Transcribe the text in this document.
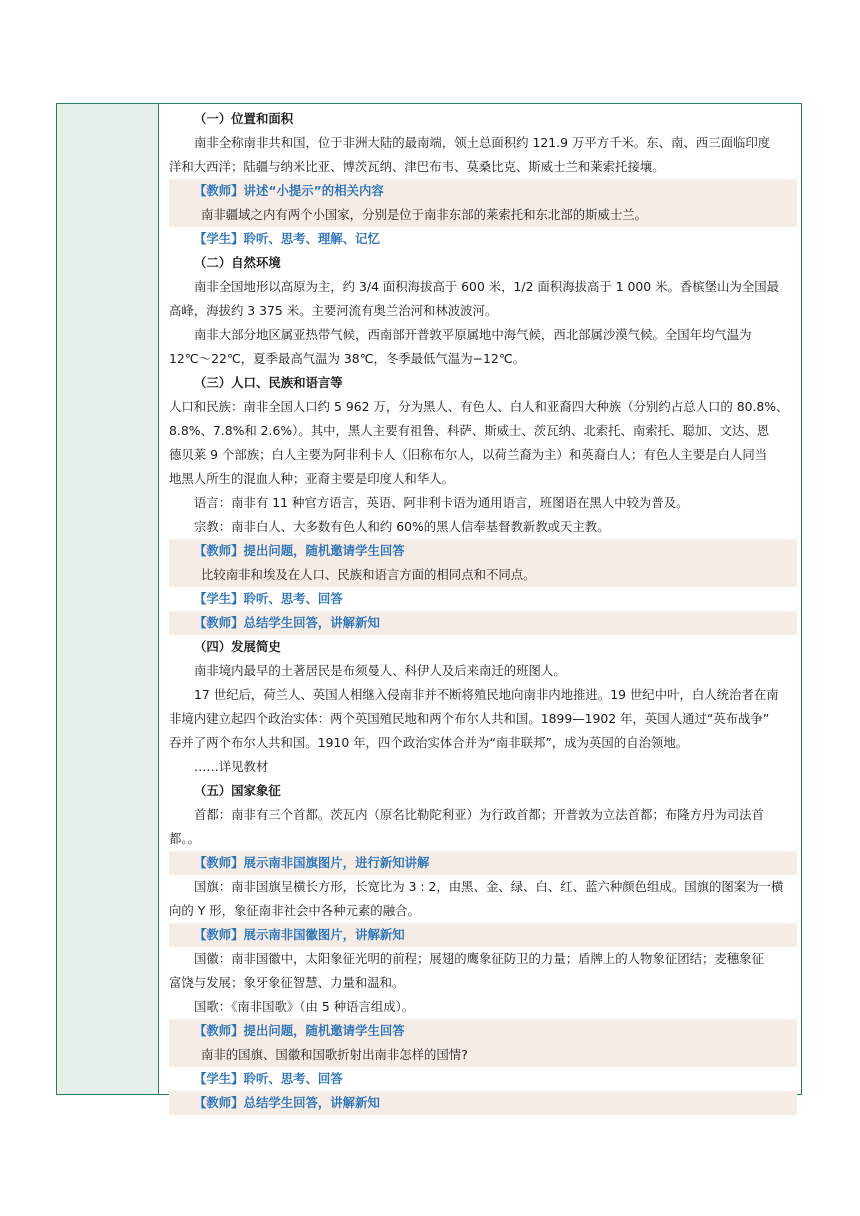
（一）位置和面积
南非全称南非共和国，位于非洲大陆的最南端，领土总面积约 121.9 万平方千米。东、南、西三面临印度
洋和大西洋；陆疆与纳米比亚、博茨瓦纳、津巴布韦、莫桑比克、斯威士兰和莱索托接壤。
【教师】讲述“小提示”的相关内容
南非疆域之内有两个小国家，分别是位于南非东部的莱索托和东北部的斯威士兰。
【学生】聆听、思考、理解、记忆
（二）自然环境
南非全国地形以高原为主，约 3/4 面积海拔高于 600 米，1/2 面积海拔高于 1 000 米。香槟堡山为全国最
高峰，海拔约 3 375 米。主要河流有奥兰治河和林波波河。
南非大部分地区属亚热带气候，西南部开普敦平原属地中海气候，西北部属沙漠气候。全国年均气温为
12℃～22℃，夏季最高气温为 38℃，冬季最低气温为−12℃。
（三）人口、民族和语言等
人口和民族：南非全国人口约 5 962 万，分为黑人、有色人、白人和亚裔四大种族（分别约占总人口的 80.8%、
8.8%、7.8%和 2.6%）。其中，黑人主要有祖鲁、科萨、斯威士、茨瓦纳、北索托、南索托、聪加、文达、恩
德贝莱 9 个部族；白人主要为阿非利卡人（旧称布尔人，以荷兰裔为主）和英裔白人；有色人主要是白人同当
地黑人所生的混血人种；亚裔主要是印度人和华人。
语言：南非有 11 种官方语言，英语、阿非利卡语为通用语言，班图语在黑人中较为普及。
宗教：南非白人、大多数有色人和约 60%的黑人信奉基督教新教或天主教。
【教师】提出问题，随机邀请学生回答
比较南非和埃及在人口、民族和语言方面的相同点和不同点。
【学生】聆听、思考、回答
【教师】总结学生回答，讲解新知
（四）发展简史
南非境内最早的土著居民是布须曼人、科伊人及后来南迁的班图人。
17 世纪后，荷兰人、英国人相继入侵南非并不断将殖民地向南非内地推进。19 世纪中叶，白人统治者在南
非境内建立起四个政治实体：两个英国殖民地和两个布尔人共和国。1899—1902 年，英国人通过“英布战争”
吞并了两个布尔人共和国。1910 年，四个政治实体合并为“南非联邦”，成为英国的自治领地。
……详见教材
（五）国家象征
首都：南非有三个首都。茨瓦内（原名比勒陀利亚）为行政首都；开普敦为立法首都；布隆方丹为司法首
都。。
【教师】展示南非国旗图片，进行新知讲解
国旗：南非国旗呈横长方形，长宽比为 3 : 2，由黑、金、绿、白、红、蓝六种颜色组成。国旗的图案为一横
向的 Y 形，象征南非社会中各种元素的融合。
【教师】展示南非国徽图片，讲解新知
国徽：南非国徽中，太阳象征光明的前程；展翅的鹰象征防卫的力量；盾牌上的人物象征团结；麦穗象征
富饶与发展；象牙象征智慧、力量和温和。
国歌：《南非国歌》（由 5 种语言组成）。
【教师】提出问题，随机邀请学生回答
南非的国旗、国徽和国歌折射出南非怎样的国情?
【学生】聆听、思考、回答
【教师】总结学生回答，讲解新知
